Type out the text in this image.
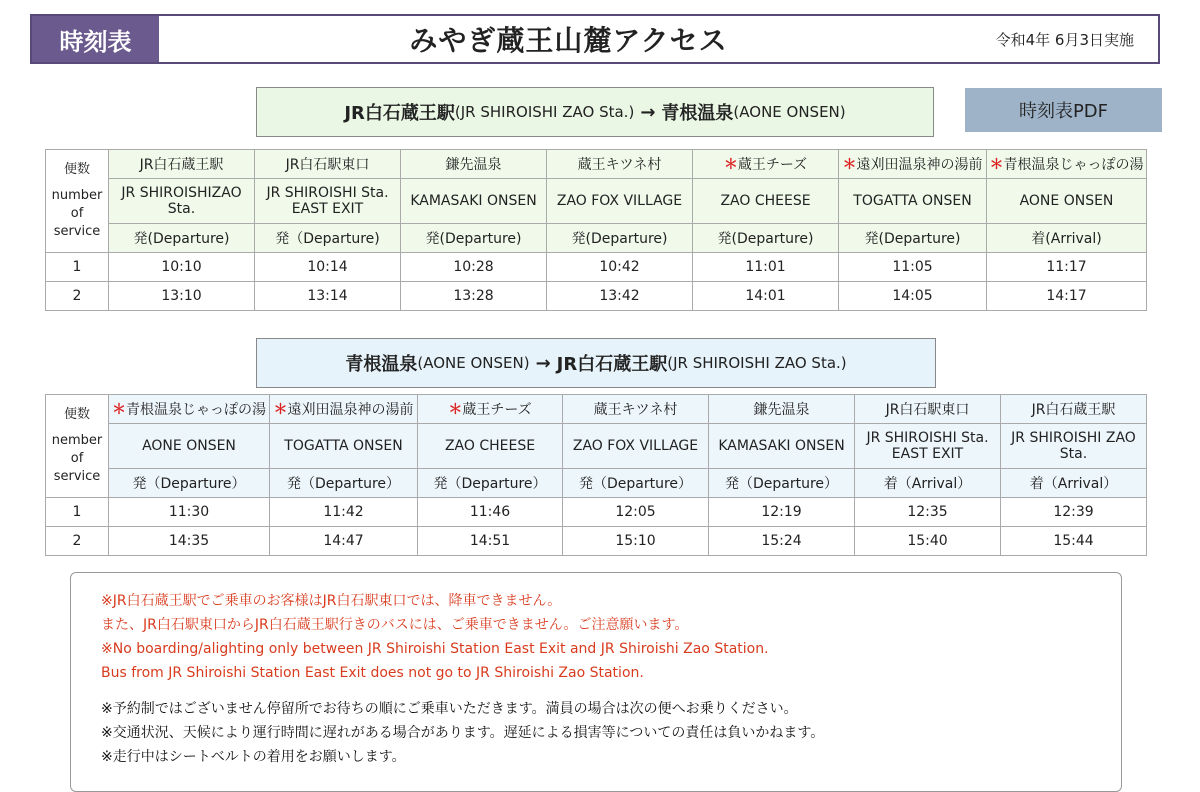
時刻表	みやぎ蔵王山麓アクセス	令和4年 6月3日実施
JR白石蔵王駅 (JR SHIROISHI ZAO Sta.) → 青根温泉 (AONE ONSEN)	時刻表PDF
便数
number of service	JR白石蔵王駅	JR白石駅東口	鎌先温泉	蔵王キツネ村	＊蔵王チーズ	＊遠刈田温泉神の湯前	＊青根温泉じゃっぽの湯
	JR SHIROISHIZAO Sta.	JR SHIROISHI Sta. EAST EXIT	KAMASAKI ONSEN	ZAO FOX VILLAGE	ZAO CHEESE	TOGATTA ONSEN	AONE ONSEN
	発(Departure)	発（Departure)	発(Departure)	発(Departure)	発(Departure)	発(Departure)	着(Arrival)
1	10:10	10:14	10:28	10:42	11:01	11:05	11:17
2	13:10	13:14	13:28	13:42	14:01	14:05	14:17
青根温泉 (AONE ONSEN) → JR白石蔵王駅 (JR SHIROISHI ZAO Sta.)
便数
nember of service	＊青根温泉じゃっぽの湯	＊遠刈田温泉神の湯前	＊蔵王チーズ	蔵王キツネ村	鎌先温泉	JR白石駅東口	JR白石蔵王駅
	AONE ONSEN	TOGATTA ONSEN	ZAO CHEESE	ZAO FOX VILLAGE	KAMASAKI ONSEN	JR SHIROISHI Sta. EAST EXIT	JR SHIROISHI ZAO Sta.
	発（Departure）	発（Departure）	発（Departure）	発（Departure）	発（Departure）	着（Arrival）	着（Arrival）
1	11:30	11:42	11:46	12:05	12:19	12:35	12:39
2	14:35	14:47	14:51	15:10	15:24	15:40	15:44
※JR白石蔵王駅でご乗車のお客様はJR白石駅東口では、降車できません。
また、JR白石駅東口からJR白石蔵王駅行きのバスには、ご乗車できません。ご注意願います。
※No boarding/alighting only between JR Shiroishi Station East Exit and JR Shiroishi Zao Station.
Bus from JR Shiroishi Station East Exit does not go to JR Shiroishi Zao Station.
※予約制ではございません停留所でお待ちの順にご乗車いただきます。満員の場合は次の便へお乗りください。
※交通状況、天候により運行時間に遅れがある場合があります。遅延による損害等についての責任は負いかねます。
※走行中はシートベルトの着用をお願いします。
